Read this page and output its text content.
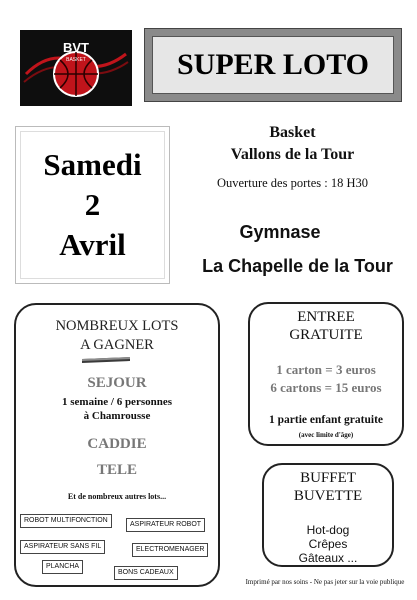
BVT
BASKET	SUPER LOTO
Samedi
2
Avril
Basket
Vallons de la Tour
Ouverture des portes : 18 H30
Gymnase
La Chapelle de la Tour
NOMBREUX LOTS
A GAGNER
SEJOUR
1 semaine / 6 personnes
à Chamrousse
CADDIE
TELE
Et de nombreux autres lots...
ROBOT MULTIFONCTION
ASPIRATEUR ROBOT
ASPIRATEUR SANS FIL	ELECTROMENAGER
PLANCHA
BONS CADEAUX
ENTREE
GRATUITE
1 carton = 3 euros
6 cartons = 15 euros
1 partie enfant gratuite
(avec limite d'âge)
BUFFET
BUVETTE
Hot-dog
Crêpes
Gâteaux ...
Imprimé par nos soins - Ne pas jeter sur la voie publique
